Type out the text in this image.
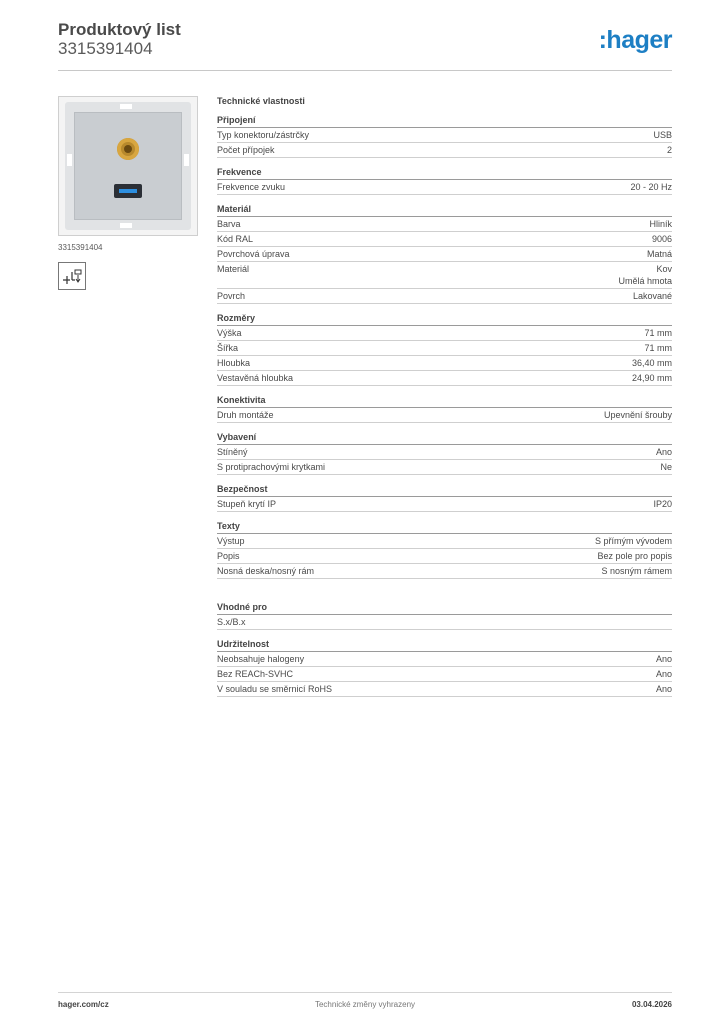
Produktový list
3315391404	:hager
3315391404
Technické vlastnosti
Připojení
Typ konektoru/zástrčky	USB
Počet přípojek	2
Frekvence
Frekvence zvuku	20 - 20 Hz
Materiál
Barva	Hliník
Kód RAL	9006
Povrchová úprava	Matná
Materiál	Kov
Umělá hmota
Povrch	Lakované
Rozměry
Výška	71 mm
Šířka	71 mm
Hloubka	36,40 mm
Vestavěná hloubka	24,90 mm
Konektivita
Druh montáže	Upevnění šrouby
Vybavení
Stíněný	Ano
S protiprachovými krytkami	Ne
Bezpečnost
Stupeň krytí IP	IP20
Texty
Výstup	S přímým vývodem
Popis	Bez pole pro popis
Nosná deska/nosný rám	S nosným rámem
Vhodné pro
S.x/B.x
Udržitelnost
Neobsahuje halogeny	Ano
Bez REACh-SVHC	Ano
V souladu se směrnicí RoHS	Ano
hager.com/cz	Technické změny vyhrazeny	03.04.2026
